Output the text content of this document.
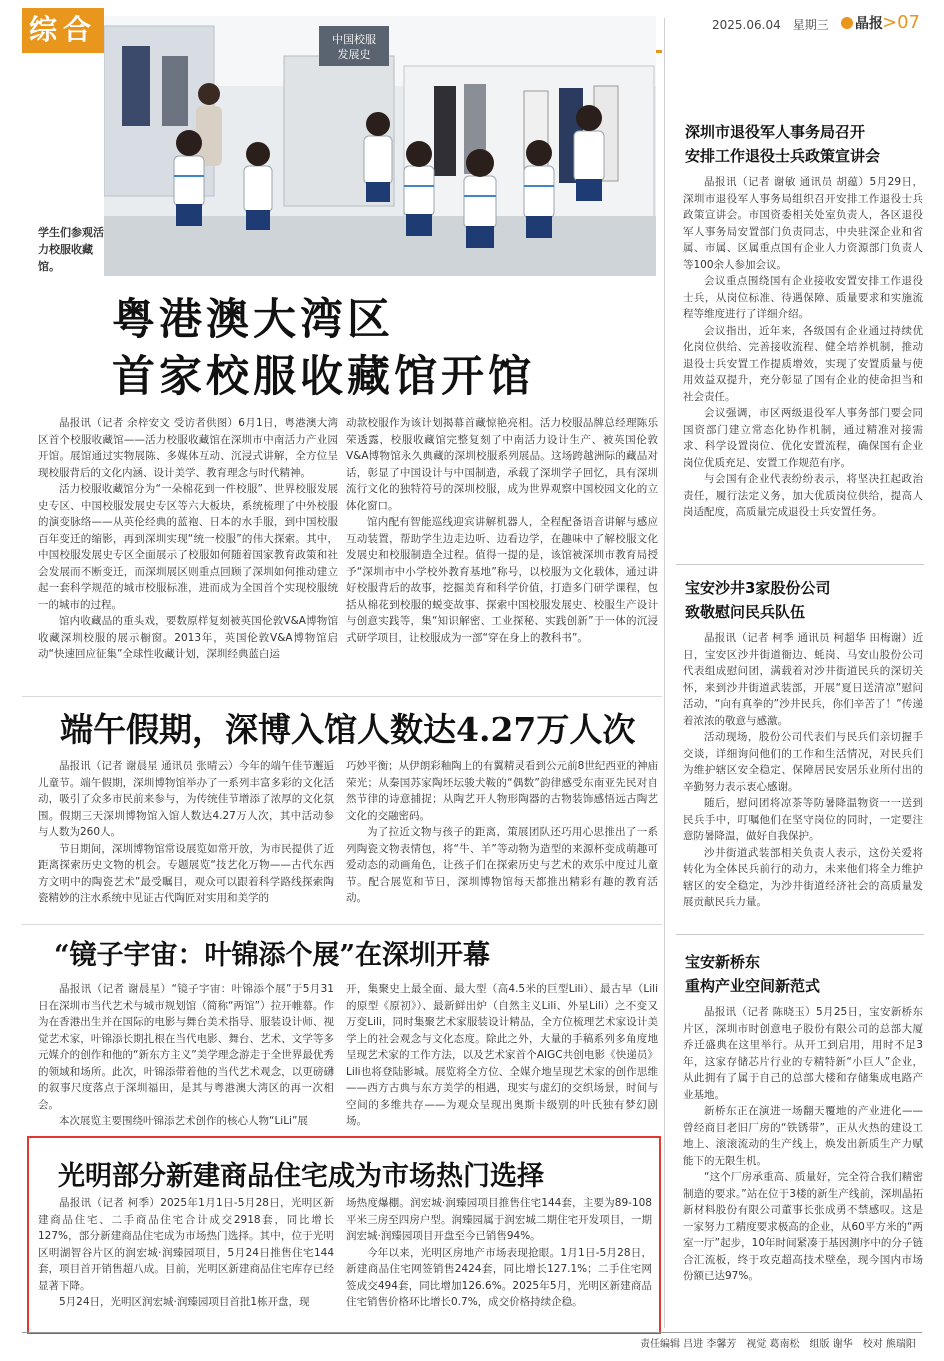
综合	2025.06.04　星期三	晶报 >07
中国校服
发展史
学生们参观活力校服收藏馆。
粤港澳大湾区
首家校服收藏馆开馆

晶报讯（记者 余梓安文 受访者供图）6月1日，粤港澳大湾区首个校服收藏馆——活力校服收藏馆在深圳市中南活力产业园开馆。展馆通过实物展陈、多媒体互动、沉浸式讲解，全方位呈现校服背后的文化内涵、设计美学、教育理念与时代精神。

活力校服收藏馆分为“一朵棉花到一件校服”、世界校服发展史专区、中国校服发展史专区等六大板块，系统梳理了中外校服的演变脉络——从英伦经典的蓝袍、日本的水手服，到中国校服百年变迁的缩影，再到深圳实现“统一校服”的伟大探索。其中，中国校服发展史专区全面展示了校服如何随着国家教育政策和社会发展而不断变迁，而深圳展区则重点回顾了深圳如何推动建立起一套科学规范的城市校服标准，进而成为全国首个实现校服统一的城市的过程。

馆内收藏品的重头戏，要数原样复刻被英国伦敦V&A博物馆收藏深圳校服的展示橱窗。2013年，英国伦敦V&A博物馆启动“快速回应征集”全球性收藏计划，深圳经典蓝白运

动款校服作为该计划揭幕首藏惊艳亮相。活力校服品牌总经理陈乐荣透露，校服收藏馆完整复刻了中南活力设计生产、被英国伦敦V&A博物馆永久典藏的深圳校服系列展品。这场跨越洲际的藏品对话，彰显了中国设计与中国制造，承载了深圳学子回忆，具有深圳流行文化的独特符号的深圳校服，成为世界观察中国校园文化的立体化窗口。

馆内配有智能巡线迎宾讲解机器人，全程配备语音讲解与感应互动装置，帮助学生边走边听、边看边学，在趣味中了解校服文化发展史和校服制造全过程。值得一提的是，该馆被深圳市教育局授予“深圳市中小学校外教育基地”称号，以校服为文化载体，通过讲好校服背后的故事，挖掘美育和科学价值，打造多门研学课程，包括从棉花到校服的蜕变故事、探索中国校服发展史、校服生产设计与创意实践等，集“知识解密、工业探秘、实践创新”于一体的沉浸式研学项目，让校服成为一部“穿在身上的教科书”。

端午假期，深博入馆人数达4.27万人次

晶报讯（记者 谢晨星 通讯员 张晴云）今年的端午佳节邂逅儿童节。端午假期，深圳博物馆举办了一系列丰富多彩的文化活动，吸引了众多市民前来参与，为传统佳节增添了浓厚的文化氛围。假期三天深圳博物馆入馆人数达4.27万人次，其中活动参与人数为260人。

节日期间，深圳博物馆常设展览如常开放，为市民提供了近距离探索历史文物的机会。专题展览“技艺化万物——古代东西方文明中的陶瓷艺术”最受瞩目，观众可以跟着科学路线探索陶瓷精妙的注水系统中见证古代陶匠对实用和美学的

巧妙平衡；从伊朗彩釉陶上的有翼精灵看到公元前8世纪西亚的神庙荣光；从秦国苏家陶坯坛骏犬鞍的“偶数”韵律感受东南亚先民对自然节律的诗意捕捉；从陶艺开人物形陶器的古物装饰感悟远古陶艺文化的交融密码。

为了拉近文物与孩子的距离，策展团队还巧用心思推出了一系列陶瓷文物表情包，将“牛、羊”等动物为造型的来源杯变成萌趣可爱动态的动画角色，让孩子们在探索历史与艺术的欢乐中度过儿童节。配合展览和节日，深圳博物馆每天都推出精彩有趣的教育活动。

“镜子宇宙：叶锦添个展”在深圳开幕

晶报讯（记者 谢晨星）“镜子宇宙：叶锦添个展”于5月31日在深圳市当代艺术与城市规划馆（简称“两馆”）拉开帷幕。作为在香港出生并在国际的电影与舞台美术指导、服装设计师、视觉艺术家，叶锦添长期扎根在当代电影、舞台、艺术、文学等多元媒介的创作和他的“新东方主义”美学理念游走于全世界最优秀的领域和场所。此次，叶锦添带着他的当代艺术观念，以更磅礴的叙事尺度落点于深圳福田，是其与粤港澳大湾区的再一次相会。

本次展览主要围绕叶锦添艺术创作的核心人物“LiLi”展

开，集聚史上最全面、最大型（高4.5米的巨型Lili）、最古早（Lili的原型《原初》）、最新鲜出炉（自然主义Lili、外星Lili）之不变又万变Lili，同时集聚艺术家服装设计精品，全方位梳理艺术家设计美学上的社会观念与文化态度。除此之外，大量的手稿系列多角度地呈现艺术家的工作方法，以及艺术家首个AIGC共创电影《快递员》Lili也将登陆影城。展览将全方位、全媒介地呈现艺术家的创作思维——西方古典与东方美学的相遇，现实与虚幻的交织场景，时间与空间的多维共存——为观众呈现出奥斯卡级别的叶氏独有梦幻剧场。

光明部分新建商品住宅成为市场热门选择

晶报讯（记者 柯季）2025年1月1日-5月28日，光明区新建商品住宅、二手商品住宅合计成交2918套，同比增长127%，部分新建商品住宅成为市场热门选择。其中，位于光明区明湖智谷片区的润宏城·润臻园项目，5月24日推售住宅144套，项目首开销售超八成。目前，光明区新建商品住宅库存已经显著下降。

5月24日，光明区润宏城·润臻园项目首批1栋开盘，现

场热度爆棚。润宏城·润臻园项目推售住宅144套，主要为89-108平米三房至四房户型。润臻园属于润宏城二期住宅开发项目，一期润宏城·润臻园项目开盘至今已销售94%。

今年以来，光明区房地产市场表现抢眼。1月1日-5月28日，新建商品住宅网签销售2424套，同比增长127.1%；二手住宅网签成交494套，同比增加126.6%。2025年5月，光明区新建商品住宅销售价格环比增长0.7%，成交价格持续企稳。

深圳市退役军人事务局召开
安排工作退役士兵政策宣讲会

晶报讯（记者 谢敏 通讯员 胡蕴）5月29日，深圳市退役军人事务局组织召开安排工作退役士兵政策宣讲会。市国资委相关处室负责人，各区退役军人事务局安置部门负责同志，中央驻深企业和省属、市属、区属重点国有企业人力资源部门负责人等100余人参加会议。

会议重点围绕国有企业接收安置安排工作退役士兵，从岗位标准、待遇保障、质量要求和实施流程等维度进行了详细介绍。

会议指出，近年来，各级国有企业通过持续优化岗位供给、完善接收流程、健全培养机制，推动退役士兵安置工作提质增效，实现了安置质量与使用效益双提升，充分彰显了国有企业的使命担当和社会责任。

会议强调，市区两级退役军人事务部门要会同国资部门建立常态化协作机制，通过精准对接需求、科学设置岗位、优化安置流程，确保国有企业岗位优质充足、安置工作规范有序。

与会国有企业代表纷纷表示，将坚决扛起政治责任，履行法定义务，加大优质岗位供给，提高人岗适配度，高质量完成退役士兵安置任务。

宝安沙井3家股份公司
致敬慰问民兵队伍

晶报讯（记者 柯季 通讯员 柯超华 田梅谢）近日，宝安区沙井街道衙边、蚝岗、马安山股份公司代表组成慰问团，满载着对沙井街道民兵的深切关怀，来到沙井街道武装部，开展“夏日送清凉”慰问活动，“向有真拳的”沙井民兵，你们辛苦了！”传递着浓浓的敬意与感激。

活动现场，股份公司代表们与民兵们亲切握手交谈，详细询问他们的工作和生活情况，对民兵们为维护辖区安全稳定、保障居民安居乐业所付出的辛勤努力表示衷心感谢。

随后，慰问团将凉茶等防暑降温物资一一送到民兵手中，叮嘱他们在坚守岗位的同时，一定要注意防暑降温，做好自我保护。

沙井街道武装部相关负责人表示，这份关爱将转化为全体民兵前行的动力，未来他们将全力维护辖区的安全稳定，为沙井街道经济社会的高质量发展贡献民兵力量。

宝安新桥东
重构产业空间新范式

晶报讯（记者 陈晓玉）5月25日，宝安新桥东片区，深圳市时创意电子股份有限公司的总部大厦乔迁盛典在这里举行。从开工到启用，用时不足3年，这家存储芯片行业的专精特新“小巨人”企业，从此拥有了属于自己的总部大楼和存储集成电路产业基地。

新桥东正在演进一场翻天覆地的产业进化——曾经商目老旧厂房的“铁锈带”，正从火热的建设工地上、滚滚流动的生产线上，焕发出新质生产力赋能下的无限生机。

“这个厂房承重高、质量好，完全符合我们精密制造的要求。”站在位于3楼的新生产线前，深圳晶拓新材料股份有限公司董事长张成勇不禁感叹。这是一家努力工精度要求极高的企业，从60平方米的“两室一厅”起步，10年时间紧凑于基因测序中的分子链合汇流板，终于攻克超高技术壁垒，现今国内市场份额已达97%。

责任编辑 吕进 李馨芳　视觉 葛南松　组版 谢华　校对 熊瑞阳
